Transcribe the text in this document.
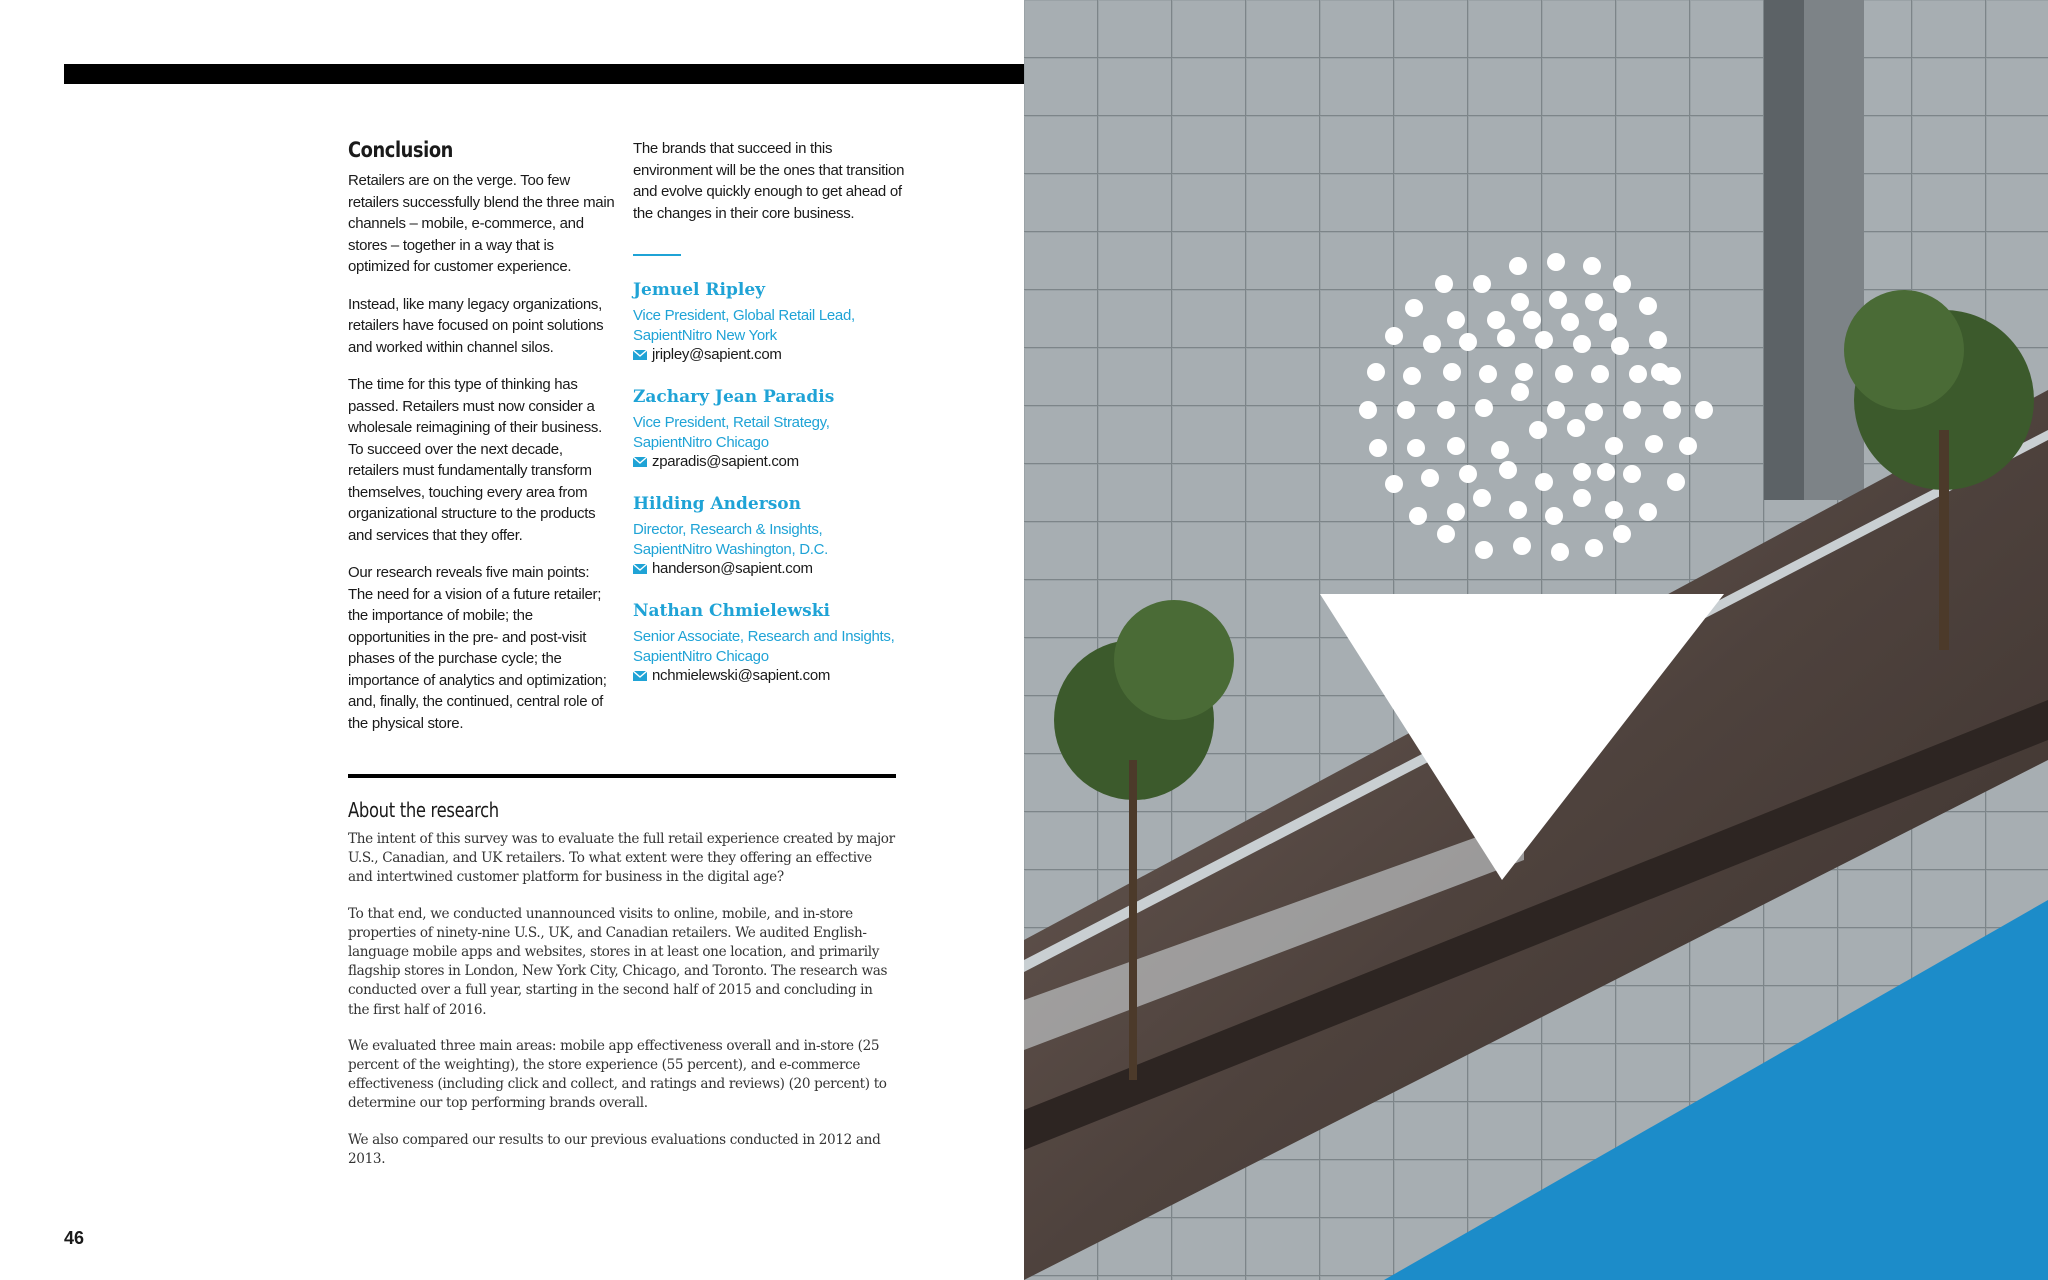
Conclusion

Retailers are on the verge. Too few retailers successfully blend the three main channels – mobile, e-commerce, and stores – together in a way that is optimized for customer experience.

Instead, like many legacy organizations, retailers have focused on point solutions and worked within channel silos.

The time for this type of thinking has passed. Retailers must now consider a wholesale reimagining of their business. To succeed over the next decade, retailers must fundamentally transform themselves, touching every area from organizational structure to the products and services that they offer.

Our research reveals five main points: The need for a vision of a future retailer; the importance of mobile; the opportunities in the pre- and post-visit phases of the purchase cycle; the importance of analytics and optimization; and, finally, the continued, central role of the physical store.

The brands that succeed in this environment will be the ones that transition and evolve quickly enough to get ahead of the changes in their core business.

Jemuel Ripley
Vice President, Global Retail Lead,
SapientNitro New York
jripley@sapient.com
Zachary Jean Paradis
Vice President, Retail Strategy,
SapientNitro Chicago
zparadis@sapient.com
Hilding Anderson
Director, Research & Insights,
SapientNitro Washington, D.C.
handerson@sapient.com
Nathan Chmielewski
Senior Associate, Research and Insights,
SapientNitro Chicago
nchmielewski@sapient.com
About the research

The intent of this survey was to evaluate the full retail experience created by major U.S., Canadian, and UK retailers. To what extent were they offering an effective and intertwined customer platform for business in the digital age?

To that end, we conducted unannounced visits to online, mobile, and in-store properties of ninety-nine U.S., UK, and Canadian retailers. We audited English-language mobile apps and websites, stores in at least one location, and primarily flagship stores in London, New York City, Chicago, and Toronto. The research was conducted over a full year, starting in the second half of 2015 and concluding in the first half of 2016.

We evaluated three main areas: mobile app effectiveness overall and in-store (25 percent of the weighting), the store experience (55 percent), and e-commerce effectiveness (including click and collect, and ratings and reviews) (20 percent) to determine our top performing brands overall.

We also compared our results to our previous evaluations conducted in 2012 and 2013.

46
